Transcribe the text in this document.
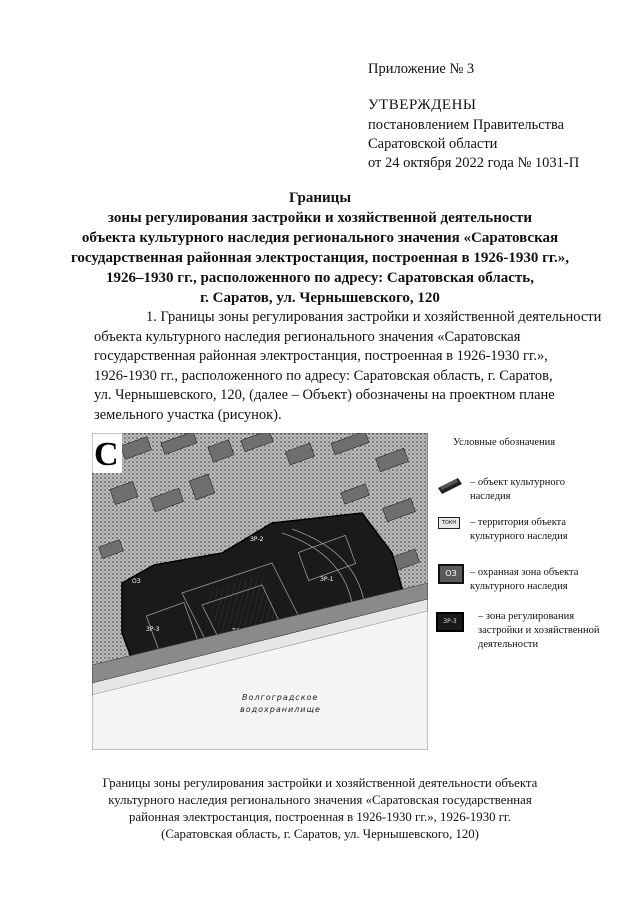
Приложение № 3
УТВЕРЖДЕНЫ
постановлением Правительства
Саратовской области
от 24 октября 2022 года № 1031-П
Границы
зоны регулирования застройки и хозяйственной деятельности
объекта культурного наследия регионального значения «Саратовская
государственная районная электростанция, построенная в 1926-1930 гг.»,
1926–1930 гг., расположенного по адресу: Саратовская область,
г. Саратов, ул. Чернышевского, 120
1. Границы зоны регулирования застройки и хозяйственной деятельности
объекта культурного наследия регионального значения «Саратовская
государственная районная электростанция, построенная в 1926-1930 гг.»,
1926-1930 гг., расположенного по адресу: Саратовская область, г. Саратов,
ул. Чернышевского, 120, (далее – Объект) обозначены на проектном плане
земельного участка (рисунок).
ЗР-2
ЗР-1
ЗР-3
ОЗ
Волгоградское
водохранилище
С	Условные обозначения
– объект культурного
наследия
ТОКН	– территория объекта
культурного наследия
ОЗ	– охранная зона объекта
культурного наследия
ЗР-3	– зона регулирования
застройки и хозяйственной
деятельности
Границы зоны регулирования застройки и хозяйственной деятельности объекта
культурного наследия регионального значения «Саратовская государственная
районная электростанция, построенная в 1926-1930 гг.», 1926-1930 гг.
(Саратовская область, г. Саратов, ул. Чернышевского, 120)
